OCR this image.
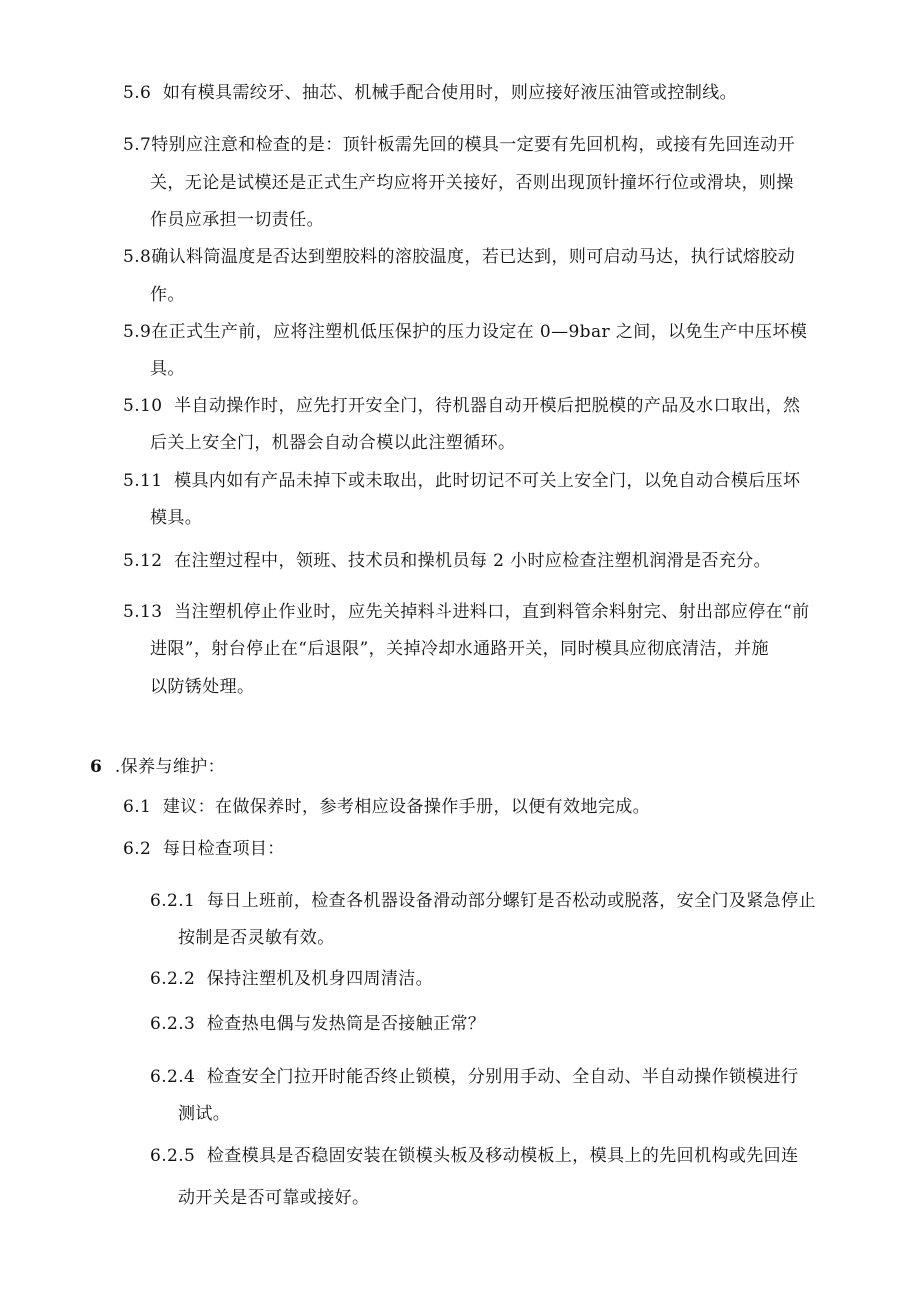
5.6 如有模具需绞牙、抽芯、机械手配合使用时，则应接好液压油管或控制线。
5.7特别应注意和检查的是：顶针板需先回的模具一定要有先回机构，或接有先回连动开
关，无论是试模还是正式生产均应将开关接好，否则出现顶针撞坏行位或滑块，则操
作员应承担一切责任。
5.8确认料筒温度是否达到塑胶料的溶胶温度，若已达到，则可启动马达，执行试熔胶动
作。
5.9在正式生产前，应将注塑机低压保护的压力设定在 0—9bar 之间，以免生产中压坏模
具。
5.10 半自动操作时，应先打开安全门，待机器自动开模后把脱模的产品及水口取出，然
后关上安全门，机器会自动合模以此注塑循环。
5.11 模具内如有产品未掉下或未取出，此时切记不可关上安全门，以免自动合模后压坏
模具。
5.12 在注塑过程中，领班、技术员和操机员每 2 小时应检查注塑机润滑是否充分。
5.13 当注塑机停止作业时，应先关掉料斗进料口，直到料管余料射完、射出部应停在“前
进限”，射台停止在“后退限”，关掉冷却水通路开关，同时模具应彻底清洁，并施
以防锈处理。
6 .保养与维护：
6.1 建议：在做保养时，参考相应设备操作手册，以便有效地完成。
6.2 每日检查项目：
6.2.1 每日上班前，检查各机器设备滑动部分螺钉是否松动或脱落，安全门及紧急停止
按制是否灵敏有效。
6.2.2 保持注塑机及机身四周清洁。
6.2.3 检查热电偶与发热筒是否接触正常？
6.2.4 检查安全门拉开时能否终止锁模，分别用手动、全自动、半自动操作锁模进行
测试。
6.2.5 检查模具是否稳固安装在锁模头板及移动模板上，模具上的先回机构或先回连
动开关是否可靠或接好。
